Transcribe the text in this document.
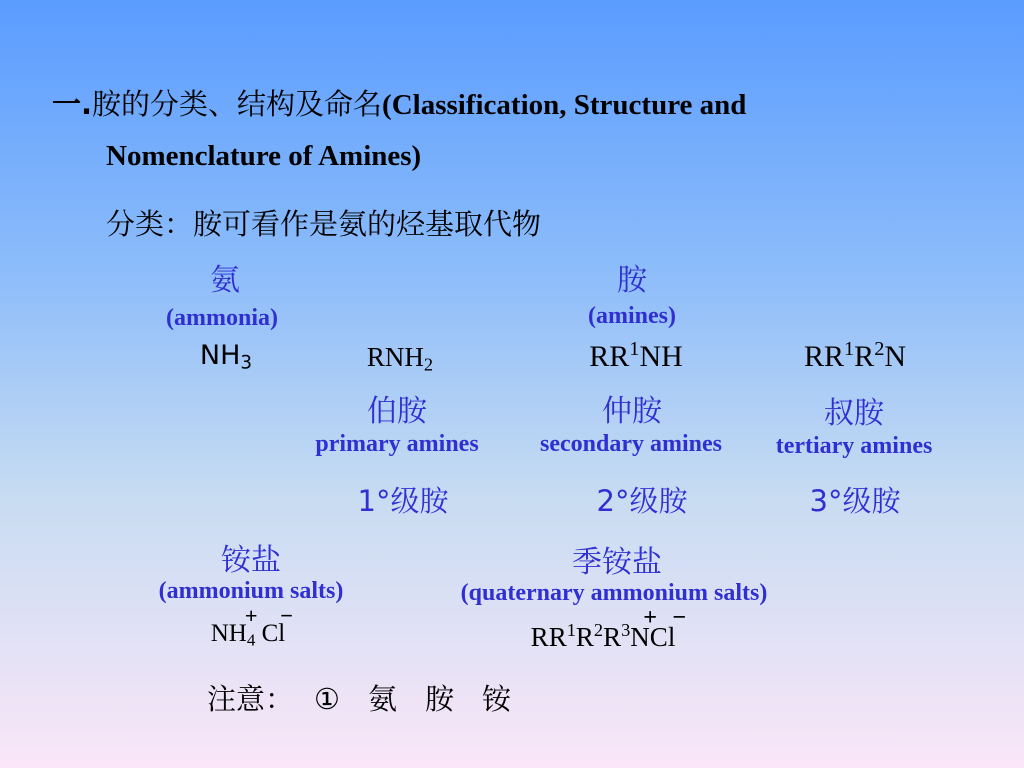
一.胺的分类、结构及命名(Classification, Structure and
Nomenclature of Amines)
分类：胺可看作是氨的烃基取代物
氨
(ammonia)
$NH_3$
胺
(amines)
$RNH_2$
伯胺
primary amines
1°级胺
$RR^1NH$
仲胺
secondary amines
2°级胺
$RR^1R^2N$
叔胺
tertiary amines
3°级胺
铵盐
(ammonium salts)
$NH_4$
+
Cl
−
季铵盐
(quaternary ammonium salts)
$RR^1R^2R^3N$
+
Cl
−
注意： ① 氨 胺 铵
